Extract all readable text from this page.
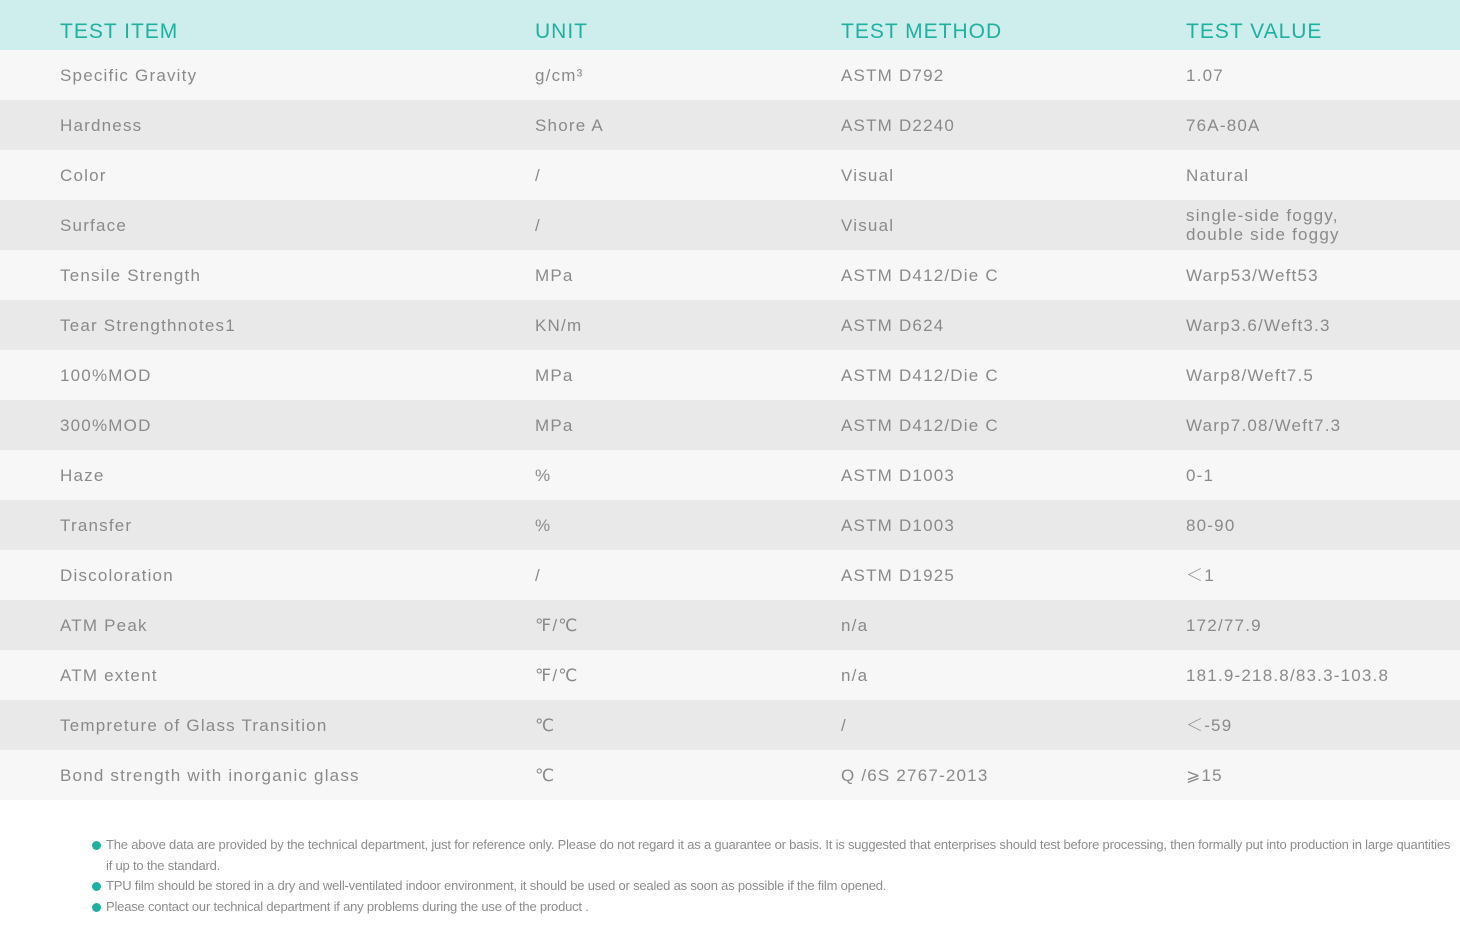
TEST ITEM	UNIT	TEST METHOD	TEST VALUE
Specific Gravity	g/cm³	ASTM D792	1.07
Hardness	Shore A	ASTM D2240	76A-80A
Color	/	Visual	Natural
Surface	/	Visual	single-side foggy,
double side foggy
Tensile Strength	MPa	ASTM D412/Die C	Warp53/Weft53
Tear Strengthnotes1	KN/m	ASTM D624	Warp3.6/Weft3.3
100%MOD	MPa	ASTM D412/Die C	Warp8/Weft7.5
300%MOD	MPa	ASTM D412/Die C	Warp7.08/Weft7.3
Haze	%	ASTM D1003	0-1
Transfer	%	ASTM D1003	80-90
Discoloration	/	ASTM D1925	＜1
ATM Peak	℉/℃	n/a	172/77.9
ATM extent	℉/℃	n/a	181.9-218.8/83.3-103.8
Tempreture of Glass Transition	℃	/	＜-59
Bond strength with inorganic glass	℃	Q /6S 2767-2013	⩾15
The above data are provided by the technical department, just for reference only. Please do not regard it as a guarantee or basis. It is suggested that enterprises should test before processing, then formally put into production in large quantities if up to the standard.
TPU film should be stored in a dry and well-ventilated indoor environment, it should be used or sealed as soon as possible if the film opened.
Please contact our technical department if any problems during the use of the product .
